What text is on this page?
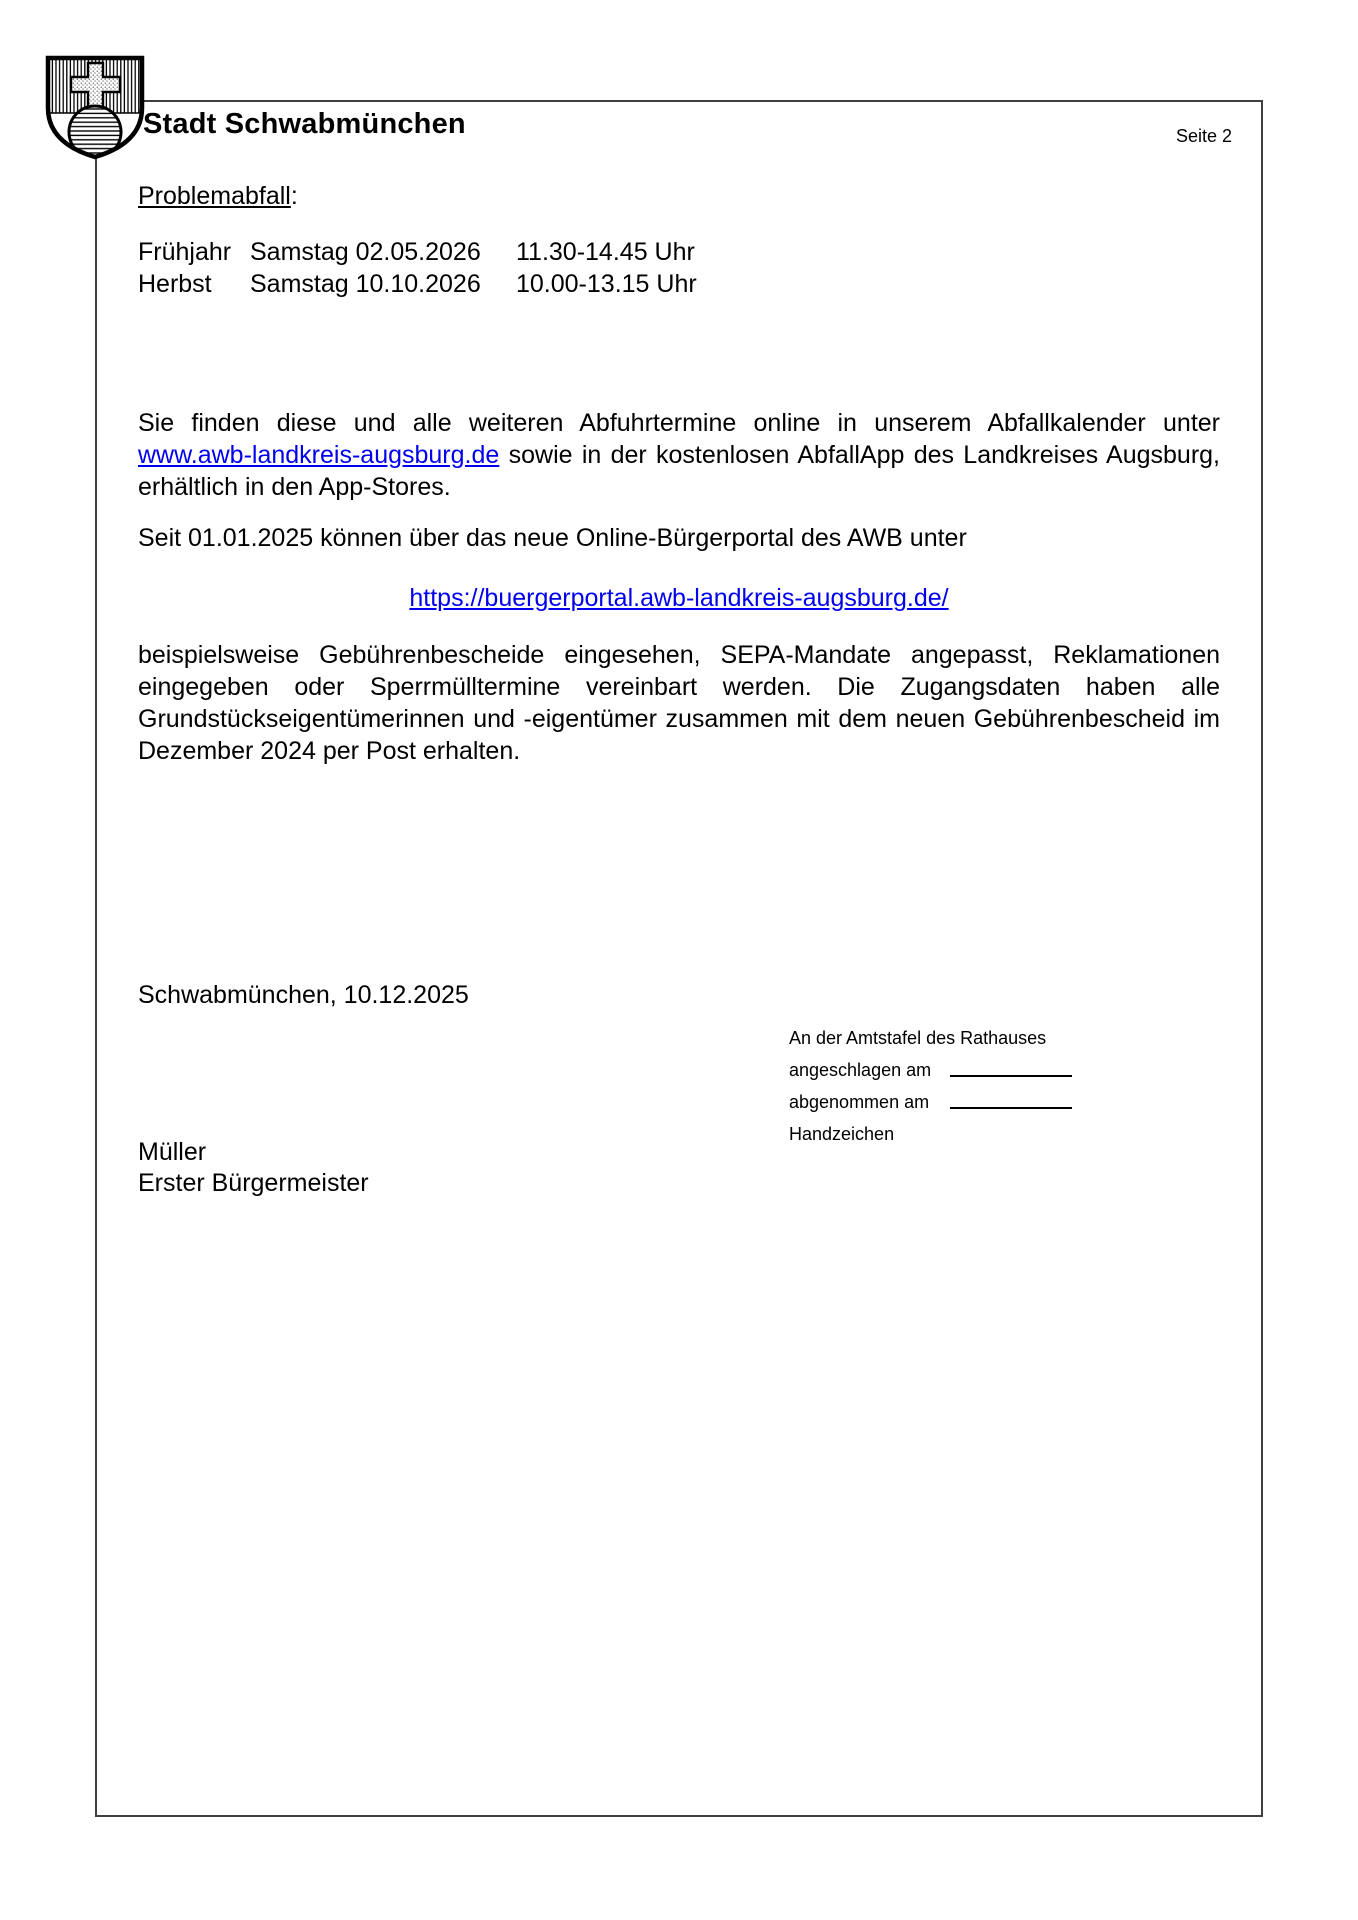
Stadt Schwabmünchen	Seite 2
Problemabfall:
Frühjahr Samstag 02.05.2026	11.30-14.45 Uhr
Herbst	Samstag 10.10.2026	10.00-13.15 Uhr
Sie finden diese und alle weiteren Abfuhrtermine online in unserem Abfallkalender unter www.awb-landkreis-augsburg.de sowie in der kostenlosen AbfallApp des Landkreises Augsburg, erhältlich in den App-Stores.
Seit 01.01.2025 können über das neue Online-Bürgerportal des AWB unter
https://buergerportal.awb-landkreis-augsburg.de/
beispielsweise Gebührenbescheide eingesehen, SEPA-Mandate angepasst, Reklamationen eingegeben oder Sperrmülltermine vereinbart werden. Die Zugangsdaten haben alle Grundstückseigentümerinnen und -eigentümer zusammen mit dem neuen Gebührenbescheid im Dezember 2024 per Post erhalten.
Schwabmünchen, 10.12.2025
An der Amtstafel des Rathauses
angeschlagen am
abgenommen am
Handzeichen
Müller
Erster Bürgermeister
